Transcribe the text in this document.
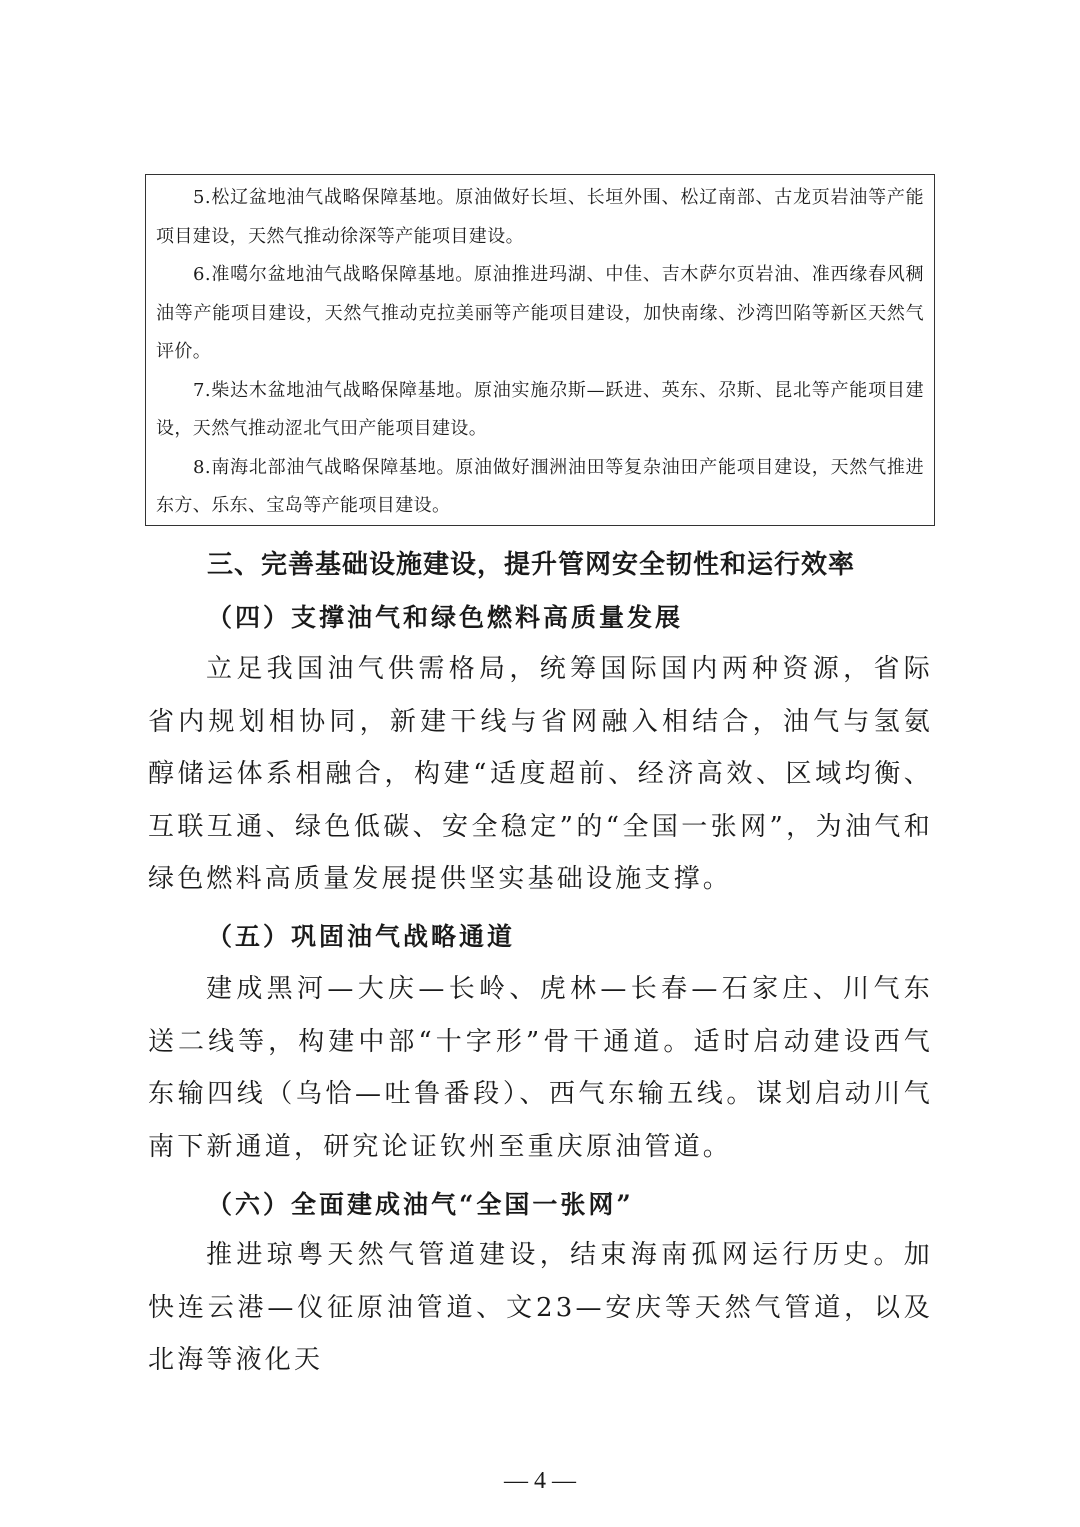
5.松辽盆地油气战略保障基地。原油做好长垣、长垣外围、松辽南部、古龙页岩油等产能项目建设，天然气推动徐深等产能项目建设。

6.准噶尔盆地油气战略保障基地。原油推进玛湖、中佳、吉木萨尔页岩油、准西缘春风稠油等产能项目建设，天然气推动克拉美丽等产能项目建设，加快南缘、沙湾凹陷等新区天然气评价。

7.柴达木盆地油气战略保障基地。原油实施尕斯—跃进、英东、尕斯、昆北等产能项目建设，天然气推动涩北气田产能项目建设。

8.南海北部油气战略保障基地。原油做好涠洲油田等复杂油田产能项目建设，天然气推进东方、乐东、宝岛等产能项目建设。

三、完善基础设施建设，提升管网安全韧性和运行效率
（四）支撑油气和绿色燃料高质量发展

立足我国油气供需格局，统筹国际国内两种资源，省际省内规划相协同，新建干线与省网融入相结合，油气与氢氨醇储运体系相融合，构建“适度超前、经济高效、区域均衡、互联互通、绿色低碳、安全稳定”的“全国一张网”，为油气和绿色燃料高质量发展提供坚实基础设施支撑。

（五）巩固油气战略通道

建成黑河—大庆—长岭、虎林—长春—石家庄、川气东送二线等，构建中部“十字形”骨干通道。适时启动建设西气东输四线（乌恰—吐鲁番段）、西气东输五线。谋划启动川气南下新通道，研究论证钦州至重庆原油管道。

（六）全面建成油气“全国一张网”

推进琼粤天然气管道建设，结束海南孤网运行历史。加快连云港—仪征原油管道、文23—安庆等天然气管道，以及北海等液化天

— 4 —
